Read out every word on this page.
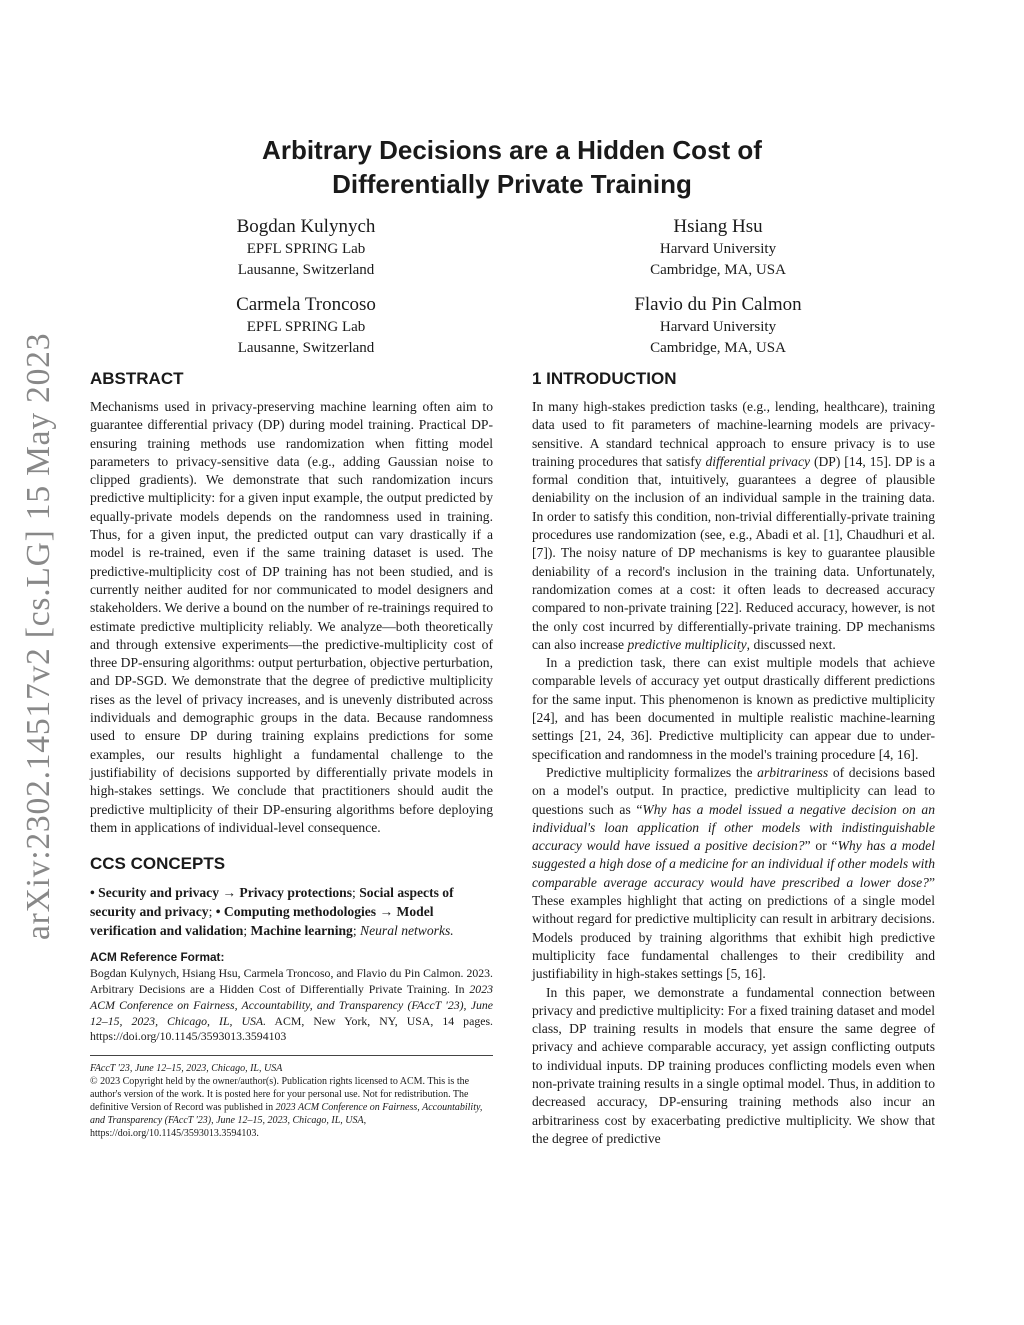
arXiv:2302.14517v2 [cs.LG] 15 May 2023
Arbitrary Decisions are a Hidden Cost of
Differentially Private Training
Bogdan Kulynych
EPFL SPRING Lab
Lausanne, Switzerland
Hsiang Hsu
Harvard University
Cambridge, MA, USA
Carmela Troncoso
EPFL SPRING Lab
Lausanne, Switzerland
Flavio du Pin Calmon
Harvard University
Cambridge, MA, USA
ABSTRACT

Mechanisms used in privacy-preserving machine learning often aim to guarantee differential privacy (DP) during model training. Practical DP-ensuring training methods use randomization when fitting model parameters to privacy-sensitive data (e.g., adding Gaussian noise to clipped gradients). We demonstrate that such randomization incurs predictive multiplicity: for a given input example, the output predicted by equally-private models depends on the randomness used in training. Thus, for a given input, the predicted output can vary drastically if a model is re-trained, even if the same training dataset is used. The predictive-multiplicity cost of DP training has not been studied, and is currently neither audited for nor communicated to model designers and stakeholders. We derive a bound on the number of re-trainings required to estimate predictive multiplicity reliably. We analyze—both theoretically and through extensive experiments—the predictive-multiplicity cost of three DP-ensuring algorithms: output perturbation, objective perturbation, and DP-SGD. We demonstrate that the degree of predictive multiplicity rises as the level of privacy increases, and is unevenly distributed across individuals and demographic groups in the data. Because randomness used to ensure DP during training explains predictions for some examples, our results highlight a fundamental challenge to the justifiability of decisions supported by differentially private models in high-stakes settings. We conclude that practitioners should audit the predictive multiplicity of their DP-ensuring algorithms before deploying them in applications of individual-level consequence.

CCS CONCEPTS

• Security and privacy → Privacy protections; Social aspects of security and privacy; • Computing methodologies → Model verification and validation; Machine learning; Neural networks.

ACM Reference Format:

Bogdan Kulynych, Hsiang Hsu, Carmela Troncoso, and Flavio du Pin Calmon. 2023. Arbitrary Decisions are a Hidden Cost of Differentially Private Training. In 2023 ACM Conference on Fairness, Accountability, and Transparency (FAccT '23), June 12–15, 2023, Chicago, IL, USA. ACM, New York, NY, USA, 14 pages. https://doi.org/10.1145/3593013.3594103

FAccT '23, June 12–15, 2023, Chicago, IL, USA

© 2023 Copyright held by the owner/author(s). Publication rights licensed to ACM. This is the author's version of the work. It is posted here for your personal use. Not for redistribution. The definitive Version of Record was published in 2023 ACM Conference on Fairness, Accountability, and Transparency (FAccT '23), June 12–15, 2023, Chicago, IL, USA, https://doi.org/10.1145/3593013.3594103.

1 INTRODUCTION

In many high-stakes prediction tasks (e.g., lending, healthcare), training data used to fit parameters of machine-learning models are privacy-sensitive. A standard technical approach to ensure privacy is to use training procedures that satisfy differential privacy (DP) [14, 15]. DP is a formal condition that, intuitively, guarantees a degree of plausible deniability on the inclusion of an individual sample in the training data. In order to satisfy this condition, non-trivial differentially-private training procedures use randomization (see, e.g., Abadi et al. [1], Chaudhuri et al. [7]). The noisy nature of DP mechanisms is key to guarantee plausible deniability of a record's inclusion in the training data. Unfortunately, randomization comes at a cost: it often leads to decreased accuracy compared to non-private training [22]. Reduced accuracy, however, is not the only cost incurred by differentially-private training. DP mechanisms can also increase predictive multiplicity, discussed next.

In a prediction task, there can exist multiple models that achieve comparable levels of accuracy yet output drastically different predictions for the same input. This phenomenon is known as predictive multiplicity [24], and has been documented in multiple realistic machine-learning settings [21, 24, 36]. Predictive multiplicity can appear due to under-specification and randomness in the model's training procedure [4, 16].

Predictive multiplicity formalizes the arbitrariness of decisions based on a model's output. In practice, predictive multiplicity can lead to questions such as “Why has a model issued a negative decision on an individual's loan application if other models with indistinguishable accuracy would have issued a positive decision?” or “Why has a model suggested a high dose of a medicine for an individual if other models with comparable average accuracy would have prescribed a lower dose?” These examples highlight that acting on predictions of a single model without regard for predictive multiplicity can result in arbitrary decisions. Models produced by training algorithms that exhibit high predictive multiplicity face fundamental challenges to their credibility and justifiability in high-stakes settings [5, 16].

In this paper, we demonstrate a fundamental connection between privacy and predictive multiplicity: For a fixed training dataset and model class, DP training results in models that ensure the same degree of privacy and achieve comparable accuracy, yet assign conflicting outputs to individual inputs. DP training produces conflicting models even when non-private training results in a single optimal model. Thus, in addition to decreased accuracy, DP-ensuring training methods also incur an arbitrariness cost by exacerbating predictive multiplicity. We show that the degree of predictive
